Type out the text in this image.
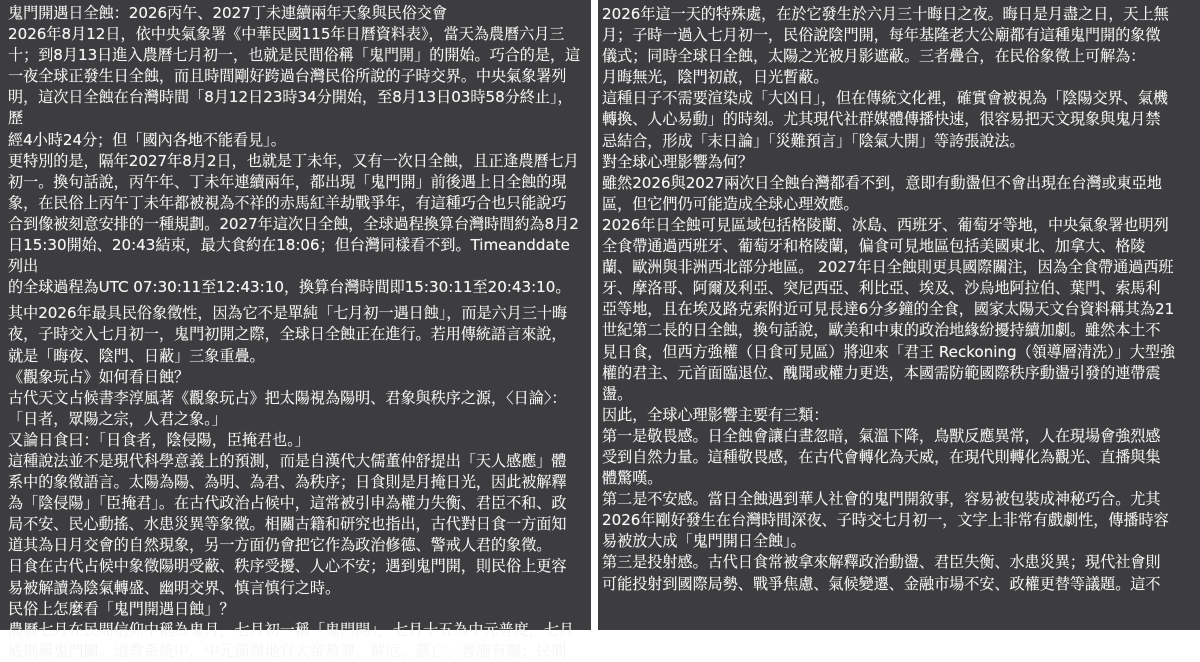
鬼門開遇日全蝕：2026丙午、2027丁未連續兩年天象與民俗交會

2026年8月12日，依中央氣象署《中華民國115年日曆資料表》，當天為農曆六月三
十；到8月13日進入農曆七月初一，也就是民間俗稱「鬼門開」的開始。巧合的是，這
一夜全球正發生日全蝕，而且時間剛好跨過台灣民俗所說的子時交界。中央氣象署列
明，這次日全蝕在台灣時間「8月12日23時34分開始，至8月13日03時58分終止」，歷
經4小時24分；但「國內各地不能看見」。

更特別的是，隔年2027年8月2日，也就是丁未年，又有一次日全蝕，且正逢農曆七月
初一。換句話說，丙午年、丁未年連續兩年，都出現「鬼門開」前後遇上日全蝕的現
象，在民俗上丙午丁未年都被視為不祥的赤馬紅羊劫戰爭年，有這種巧合也只能說巧
合到像被刻意安排的一種規劃。2027年這次日全蝕，全球過程換算台灣時間約為8月2
日15:30開始、20:43結束，最大食約在18:06；但台灣同樣看不到。Timeanddate列出
的全球過程為UTC 07:30:11至12:43:10，換算台灣時間即15:30:11至20:43:10。

其中2026年最具民俗象徵性，因為它不是單純「七月初一遇日蝕」，而是六月三十晦
夜，子時交入七月初一，鬼門初開之際，全球日全蝕正在進行。若用傳統語言來說，
就是「晦夜、陰門、日蔽」三象重疊。

《觀象玩占》如何看日蝕？
古代天文占候書李淳風著《觀象玩占》把太陽視為陽明、君象與秩序之源，〈日論〉：
「日者，眾陽之宗，人君之象。」
又論日食曰：「日食者，陰侵陽，臣掩君也。」
這種說法並不是現代科學意義上的預測，而是自漢代大儒董仲舒提出「天人感應」體
系中的象徵語言。太陽為陽、為明、為君、為秩序；日食則是月掩日光，因此被解釋
為「陰侵陽」「臣掩君」。在古代政治占候中，這常被引申為權力失衡、君臣不和、政
局不安、民心動搖、水患災異等象徵。相關古籍和研究也指出，古代對日食一方面知
道其為日月交會的自然現象，另一方面仍會把它作為政治修德、警戒人君的象徵。
日食在古代占候中象徵陽明受蔽、秩序受擾、人心不安；遇到鬼門開，則民俗上更容
易被解讀為陰氣轉盛、幽明交界、慎言慎行之時。
民俗上怎麼看「鬼門開遇日蝕」？
農曆七月在民間信仰中稱為鬼月，七月初一稱「鬼門開」，七月十五為中元普度，七月
底則稱鬼門關。道教系統中，中元節與地官大帝赦罪、解厄、薦亡、普施有關；民間

2026年這一天的特殊處，在於它發生於六月三十晦日之夜。晦日是月盡之日，天上無
月；子時一過入七月初一，民俗說陰門開，每年基隆老大公廟都有這種鬼門開的象徵
儀式；同時全球日全蝕，太陽之光被月影遮蔽。三者疊合，在民俗象徵上可解為：
月晦無光，陰門初啟，日光暫蔽。
這種日子不需要渲染成「大凶日」，但在傳統文化裡，確實會被視為「陰陽交界、氣機
轉換、人心易動」的時刻。尤其現代社群媒體傳播快速，很容易把天文現象與鬼月禁
忌結合，形成「末日論」「災難預言」「陰氣大開」等誇張說法。
對全球心理影響為何？
雖然2026與2027兩次日全蝕台灣都看不到，意即有動盪但不會出現在台灣或東亞地
區，但它們仍可能造成全球心理效應。
2026年日全蝕可見區域包括格陵蘭、冰島、西班牙、葡萄牙等地，中央氣象署也明列
全食帶通過西班牙、葡萄牙和格陵蘭，偏食可見地區包括美國東北、加拿大、格陵
蘭、歐洲與非洲西北部分地區。 2027年日全蝕則更具國際關注，因為全食帶通過西班
牙、摩洛哥、阿爾及利亞、突尼西亞、利比亞、埃及、沙烏地阿拉伯、葉門、索馬利
亞等地，且在埃及路克索附近可見長達6分多鐘的全食，國家太陽天文台資料稱其為21
世紀第二長的日全蝕，換句話說，歐美和中東的政治地緣紛擾持續加劇。雖然本土不
見日食，但西方強權（日食可見區）將迎來「君王 Reckoning（領導層清洗）」大型強
權的君主、元首面臨退位、醜聞或權力更迭，本國需防範國際秩序動盪引發的連帶震
盪。
因此，全球心理影響主要有三類：
第一是敬畏感。日全蝕會讓白晝忽暗，氣溫下降，鳥獸反應異常，人在現場會強烈感
受到自然力量。這種敬畏感，在古代會轉化為天威，在現代則轉化為觀光、直播與集
體驚嘆。
第二是不安感。當日全蝕遇到華人社會的鬼門開敘事，容易被包裝成神秘巧合。尤其
2026年剛好發生在台灣時間深夜、子時交七月初一，文字上非常有戲劇性，傳播時容
易被放大成「鬼門開日全蝕」。
第三是投射感。古代日食常被拿來解釋政治動盪、君臣失衡、水患災異；現代社會則
可能投射到國際局勢、戰爭焦慮、氣候變遷、金融市場不安、政權更替等議題。這不
